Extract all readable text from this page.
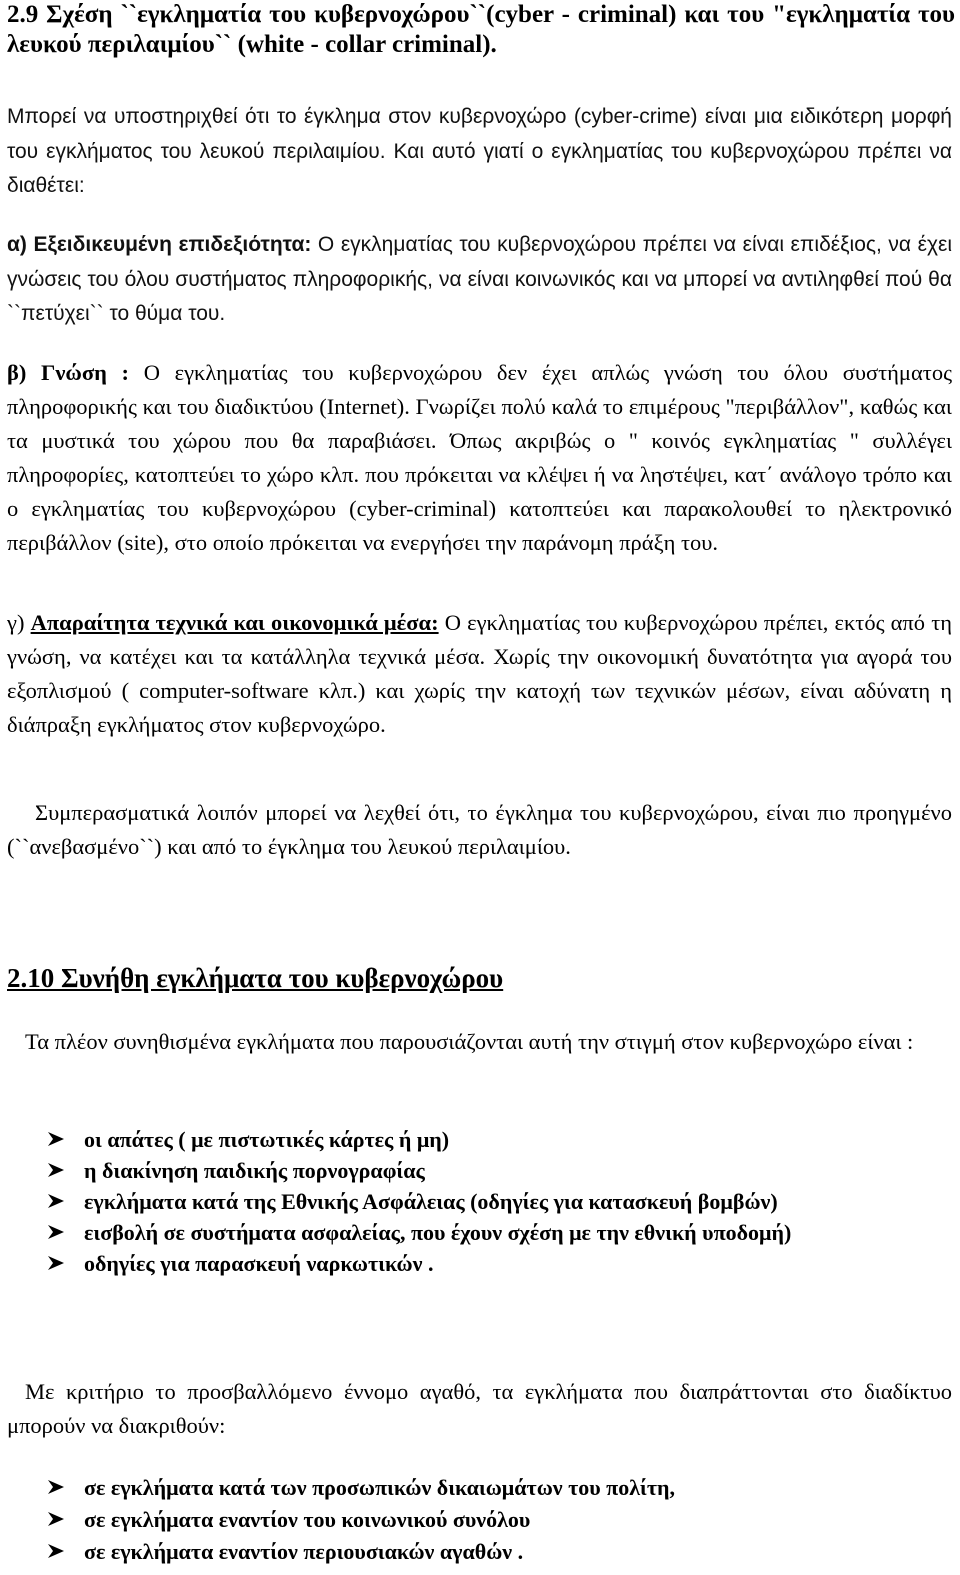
2.9 Σχέση ``εγκληματία του κυβερνοχώρου``(cyber - criminal) και του "εγκληματία του λευκού περιλαιμίου`` (white - collar criminal).

Μπορεί να υποστηριχθεί ότι το έγκλημα στον κυβερνοχώρο (cyber-crime) είναι μια ειδικότερη μορφή του εγκλήματος του λευκού περιλαιμίου. Και αυτό γιατί ο εγκληματίας του κυβερνοχώρου πρέπει να διαθέτει:

α) Εξειδικευμένη επιδεξιότητα: Ο εγκληματίας του κυβερνοχώρου πρέπει να είναι επιδέξιος, να έχει γνώσεις του όλου συστήματος πληροφορικής, να είναι κοινωνικός και να μπορεί να αντιληφθεί πού θα ``πετύχει`` το θύμα του.

β) Γνώση : Ο εγκληματίας του κυβερνοχώρου δεν έχει απλώς γνώση του όλου συστήματος πληροφορικής και του διαδικτύου (Internet). Γνωρίζει πολύ καλά το επιμέρους "περιβάλλον", καθώς και τα μυστικά του χώρου που θα παραβιάσει. Όπως ακριβώς ο " κοινός εγκληματίας " συλλέγει πληροφορίες, κατοπτεύει το χώρο κλπ. που πρόκειται να κλέψει ή να ληστέψει, κατ΄ ανάλογο τρόπο και ο εγκληματίας του κυβερνοχώρου (cyber-criminal) κατοπτεύει και παρακολουθεί το ηλεκτρονικό περιβάλλον (site), στο οποίο πρόκειται να ενεργήσει την παράνομη πράξη του.

γ) Απαραίτητα τεχνικά και οικονομικά μέσα: Ο εγκληματίας του κυβερνοχώρου πρέπει, εκτός από τη γνώση, να κατέχει και τα κατάλληλα τεχνικά μέσα. Χωρίς την οικονομική δυνατότητα για αγορά του εξοπλισμού ( computer-software κλπ.) και χωρίς την κατοχή των τεχνικών μέσων, είναι αδύνατη η διάπραξη εγκλήματος στον κυβερνοχώρο.

Συμπερασματικά λοιπόν μπορεί να λεχθεί ότι, το έγκλημα του κυβερνοχώρου, είναι πιο προηγμένο (``ανεβασμένο``) και από το έγκλημα του λευκού περιλαιμίου.

2.10 Συνήθη εγκλήματα του κυβερνοχώρου

Τα πλέον συνηθισμένα εγκλήματα που παρουσιάζονται αυτή την στιγμή στον κυβερνοχώρο είναι :

οι απάτες ( με πιστωτικές κάρτες ή μη)
η διακίνηση παιδικής πορνογραφίας
εγκλήματα κατά της Εθνικής Ασφάλειας (οδηγίες για κατασκευή βομβών)
εισβολή σε συστήματα ασφαλείας, που έχουν σχέση με την εθνική υποδομή)
οδηγίες για παρασκευή ναρκωτικών .

Με κριτήριο το προσβαλλόμενο έννομο αγαθό, τα εγκλήματα που διαπράττονται στο διαδίκτυο μπορούν να διακριθούν:

σε εγκλήματα κατά των προσωπικών δικαιωμάτων του πολίτη,
σε εγκλήματα εναντίον του κοινωνικού συνόλου
σε εγκλήματα εναντίον περιουσιακών αγαθών .
